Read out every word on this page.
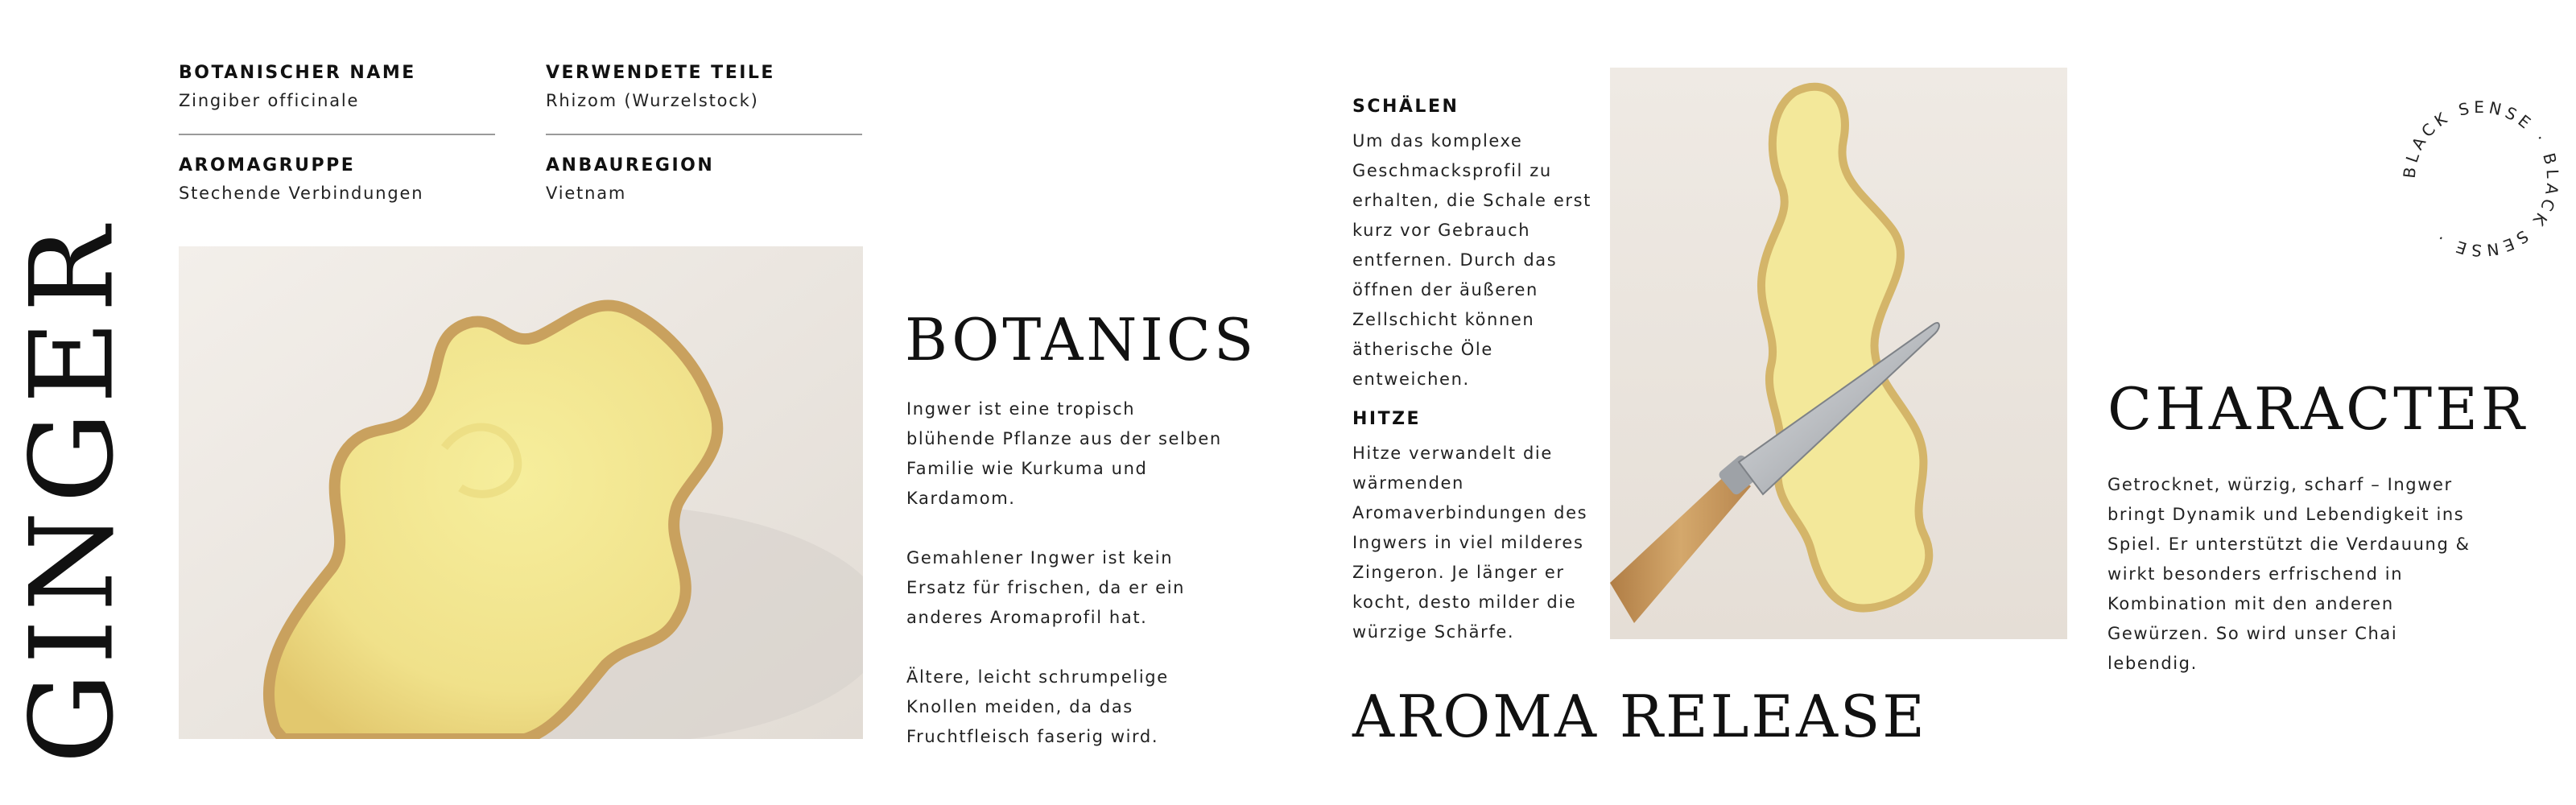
BOTANISCHER NAME
Zingiber officinale
VERWENDETE TEILE
Rhizom (Wurzelstock)
AROMAGRUPPE
Stechende Verbindungen
ANBAUREGION
Vietnam
GINGER	BOTANICS

Ingwer ist eine tropisch blühende Pflanze aus der selben Familie wie Kurkuma und Kardamom.

Gemahlener Ingwer ist kein Ersatz für frischen, da er ein anderes Aromaprofil hat.

Ältere, leicht schrumpelige Knollen meiden, da das Fruchtfleisch faserig wird.

SCHÄLEN

Um das komplexe Geschmacksprofil zu erhalten, die Schale erst kurz vor Gebrauch entfernen. Durch das öffnen der äußeren Zellschicht können ätherische Öle entweichen.

HITZE

Hitze verwandelt die wärmenden Aromaverbindungen des Ingwers in viel milderes Zingeron. Je länger er kocht, desto milder die würzige Schärfe.

AROMA RELEASE
CHARACTER

Getrocknet, würzig, scharf – Ingwer bringt Dynamik und Lebendigkeit ins Spiel. Er unterstützt die Verdauung & wirkt besonders erfrischend in Kombination mit den anderen Gewürzen. So wird unser Chai lebendig.

BLACK SENSE · BLACK SENSE ·
